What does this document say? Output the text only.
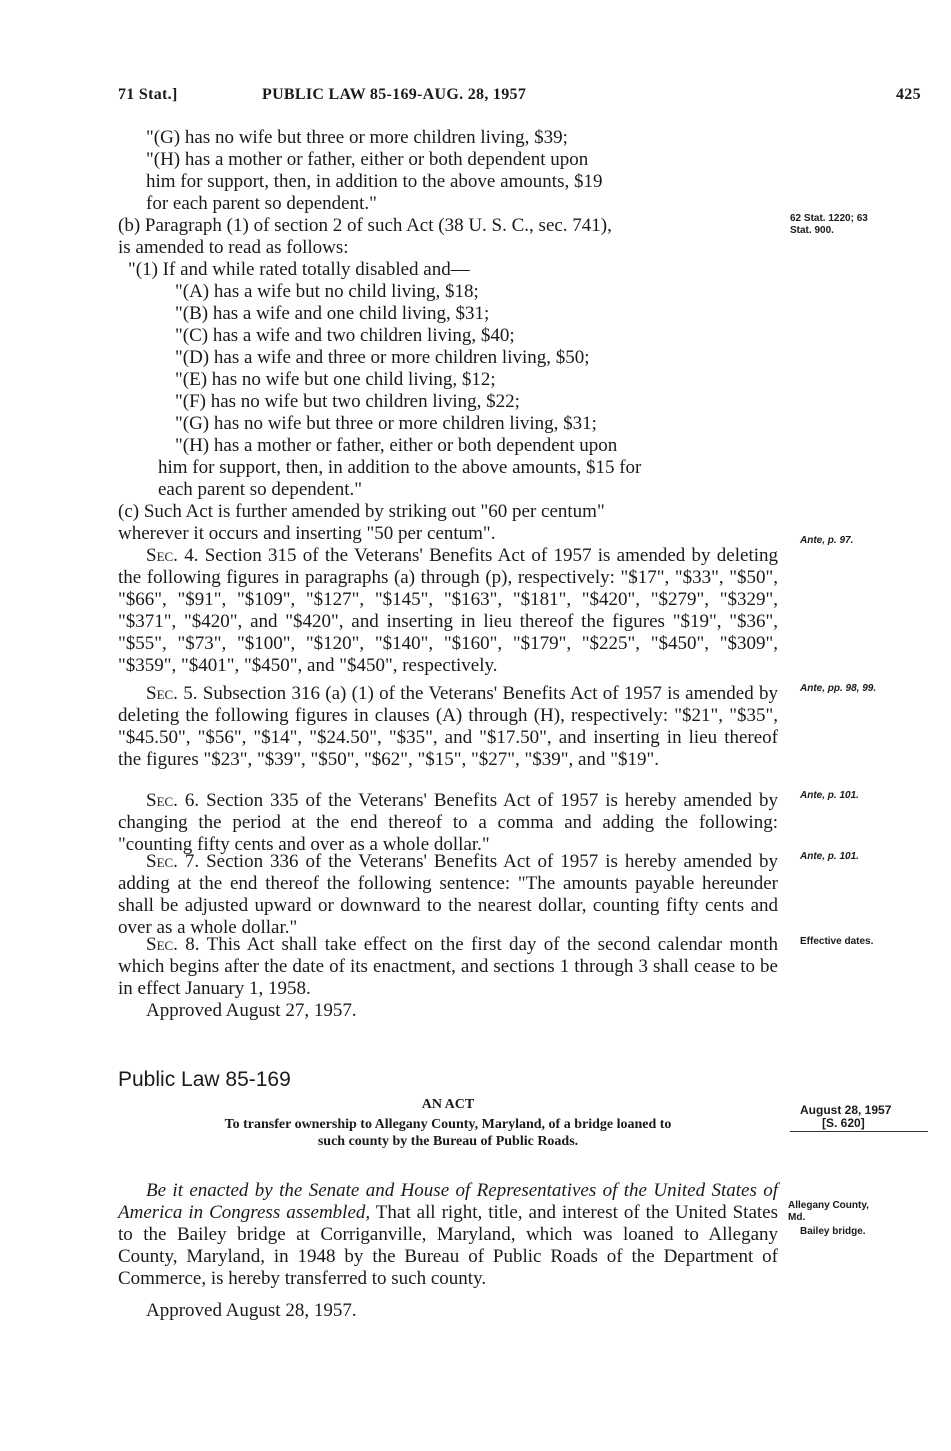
71 Stat.]	PUBLIC LAW 85-169-AUG. 28, 1957	425

"(G) has no wife but three or more children living, $39;

"(H) has a mother or father, either or both dependent upon

him for support, then, in addition to the above amounts, $19

for each parent so dependent."

(b) Paragraph (1) of section 2 of such Act (38 U. S. C., sec. 741),

is amended to read as follows:

"(1) If and while rated totally disabled and—

"(A) has a wife but no child living, $18;

"(B) has a wife and one child living, $31;

"(C) has a wife and two children living, $40;

"(D) has a wife and three or more children living, $50;

"(E) has no wife but one child living, $12;

"(F) has no wife but two children living, $22;

"(G) has no wife but three or more children living, $31;

"(H) has a mother or father, either or both dependent upon

him for support, then, in addition to the above amounts, $15 for

each parent so dependent."

(c) Such Act is further amended by striking out "60 per centum"

wherever it occurs and inserting "50 per centum".

Sec. 4. Section 315 of the Veterans' Benefits Act of 1957 is amended by deleting the following figures in paragraphs (a) through (p), respectively: "$17", "$33", "$50", "$66", "$91", "$109", "$127", "$145", "$163", "$181", "$420", "$279", "$329", "$371", "$420", and "$420", and inserting in lieu thereof the figures "$19", "$36", "$55", "$73", "$100", "$120", "$140", "$160", "$179", "$225", "$450", "$309", "$359", "$401", "$450", and "$450", respectively.

Sec. 5. Subsection 316 (a) (1) of the Veterans' Benefits Act of 1957 is amended by deleting the following figures in clauses (A) through (H), respectively: "$21", "$35", "$45.50", "$56", "$14", "$24.50", "$35", and "$17.50", and inserting in lieu thereof the figures "$23", "$39", "$50", "$62", "$15", "$27", "$39", and "$19".

Sec. 6. Section 335 of the Veterans' Benefits Act of 1957 is hereby amended by changing the period at the end thereof to a comma and adding the following: "counting fifty cents and over as a whole dollar."

Sec. 7. Section 336 of the Veterans' Benefits Act of 1957 is hereby amended by adding at the end thereof the following sentence: "The amounts payable hereunder shall be adjusted upward or downward to the nearest dollar, counting fifty cents and over as a whole dollar."

Sec. 8. This Act shall take effect on the first day of the second calendar month which begins after the date of its enactment, and sections 1 through 3 shall cease to be in effect January 1, 1958.

Approved August 27, 1957.

Public Law 85-169
AN ACT
To transfer ownership to Allegany County, Maryland, of a bridge loaned to
such county by the Bureau of Public Roads.

Be it enacted by the Senate and House of Representatives of the United States of America in Congress assembled, That all right, title, and interest of the United States to the Bailey bridge at Corriganville, Maryland, which was loaned to Allegany County, Maryland, in 1948 by the Bureau of Public Roads of the Department of Commerce, is hereby transferred to such county.

Approved August 28, 1957.

62 Stat. 1220; 63
Stat. 900.
Ante, p. 97.
Ante, pp. 98, 99.
Ante, p. 101.
Ante, p. 101.
Effective dates.
August 28, 1957
[S. 620]
Allegany County,
Md.
Bailey bridge.
